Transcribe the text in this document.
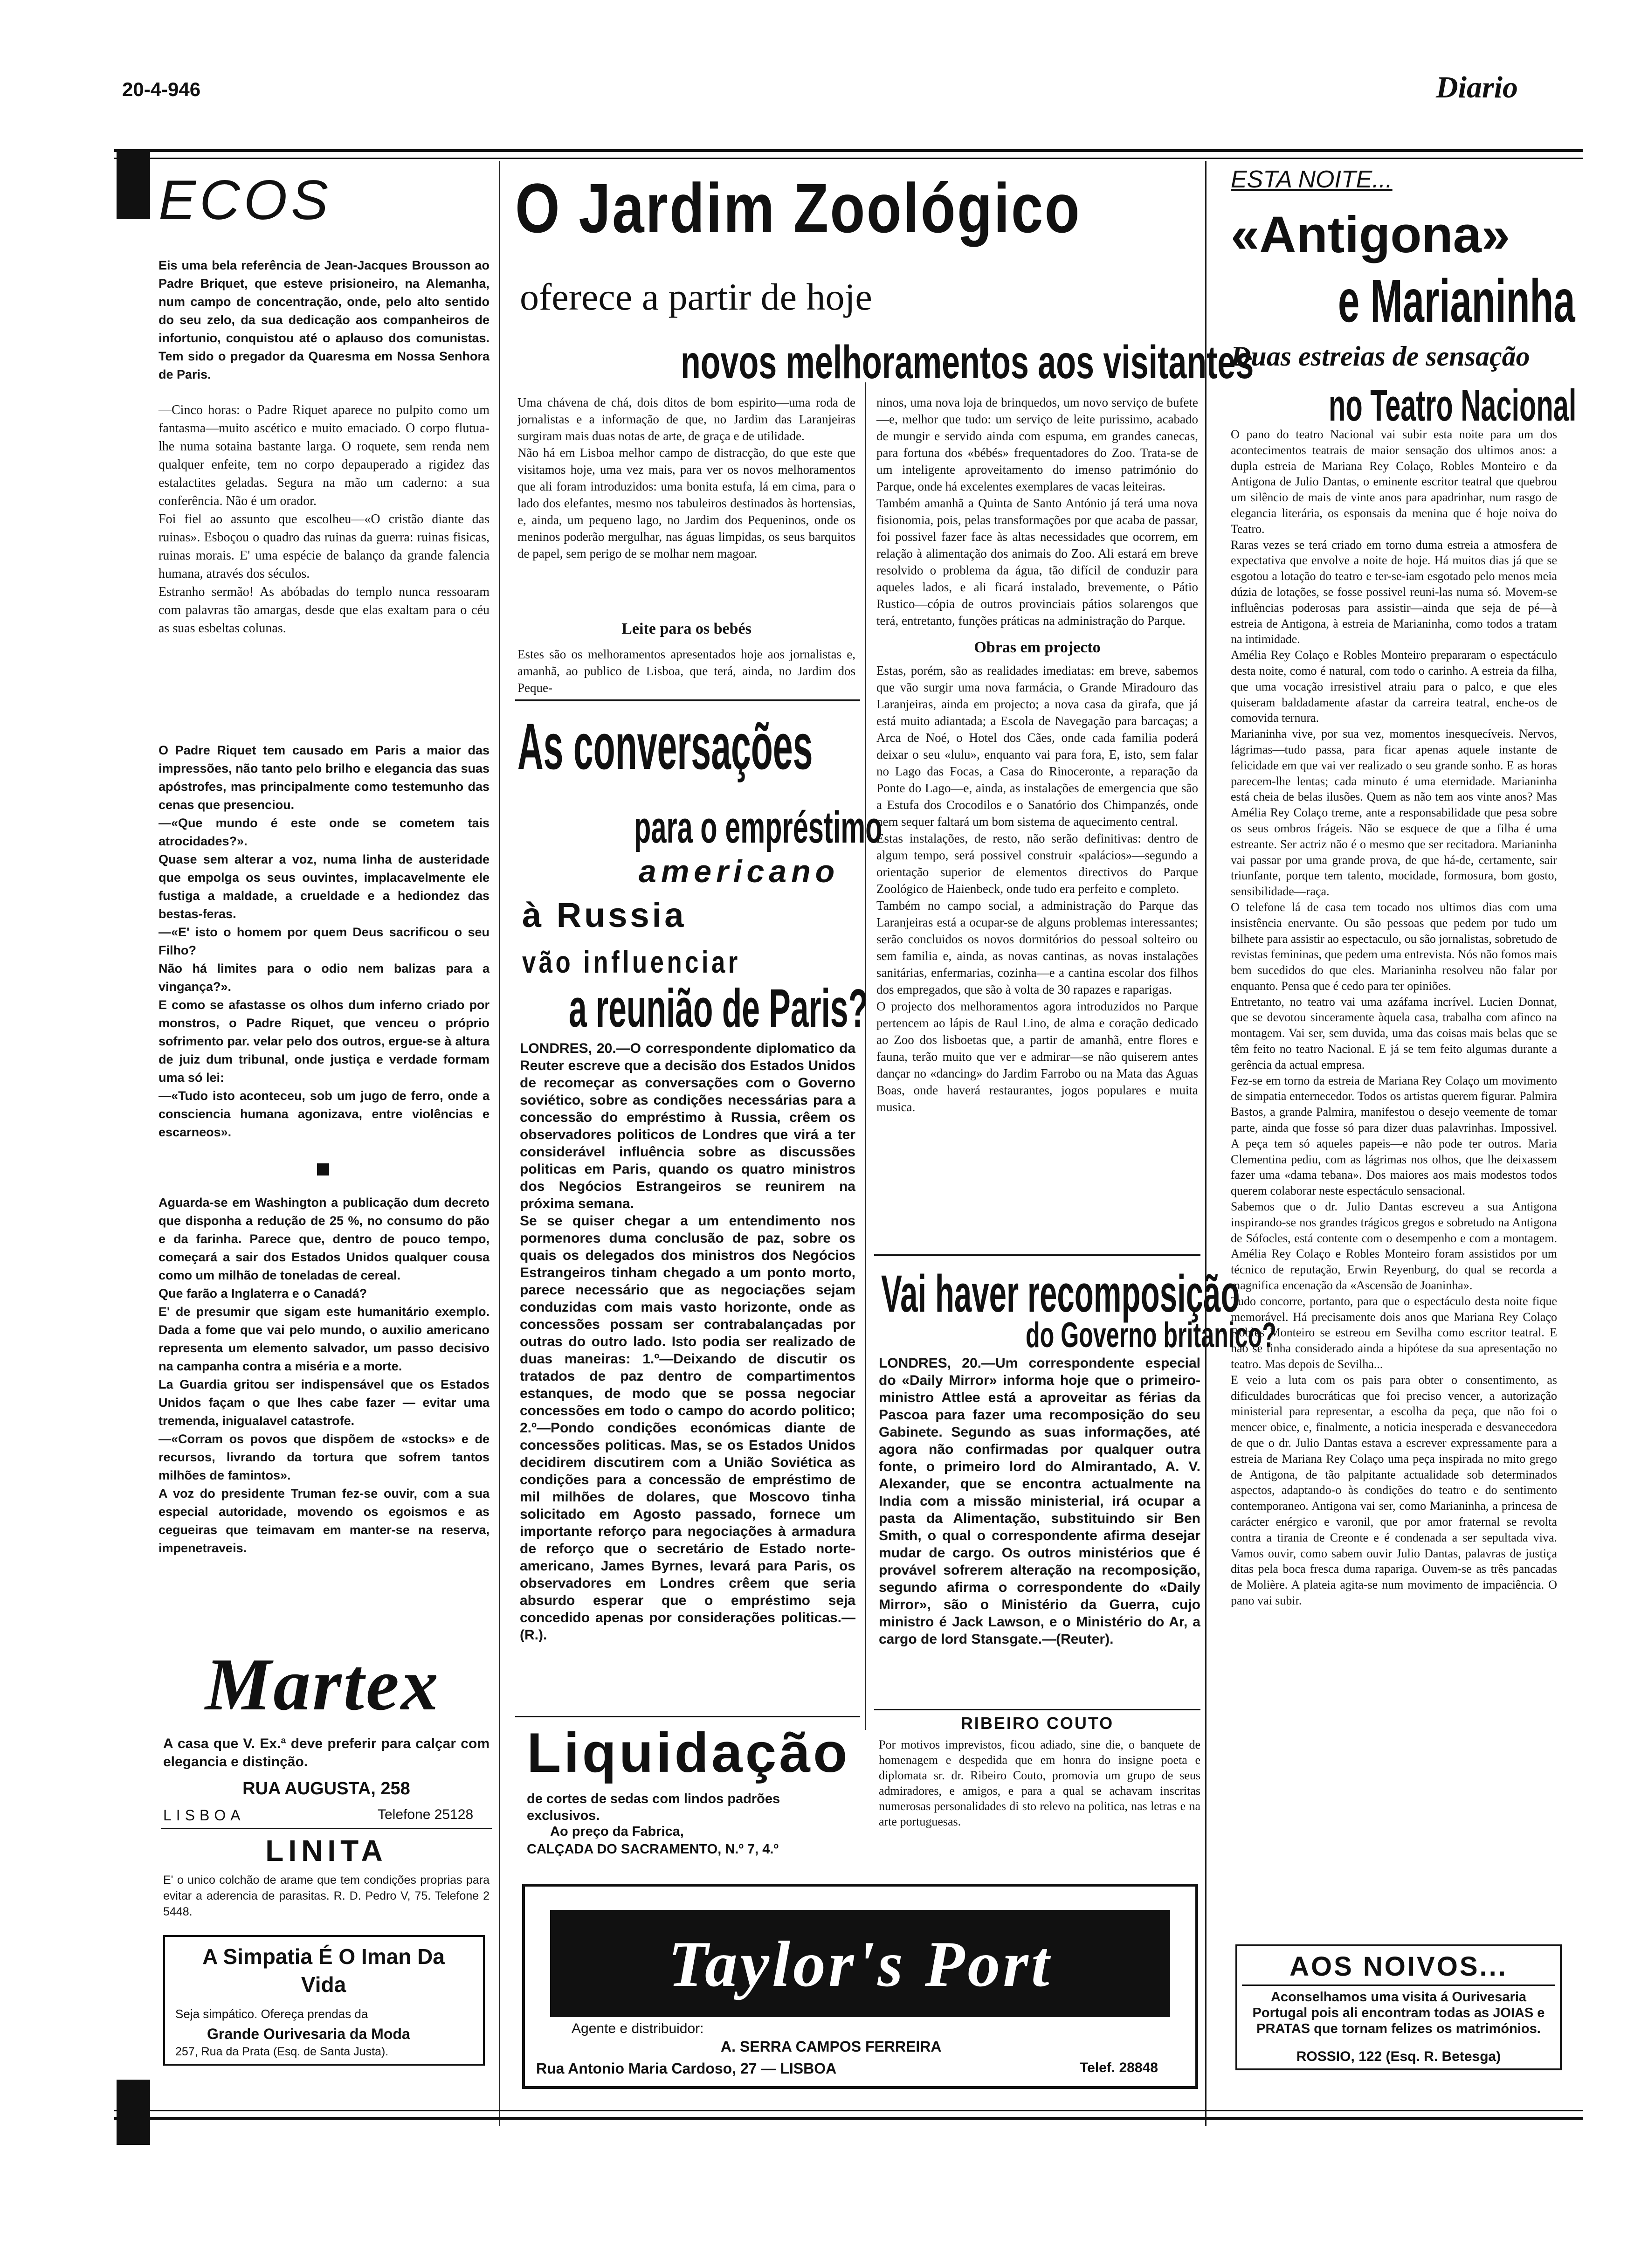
20-4-946	Diario
ECOS

Eis uma bela referência de Jean-Jacques Brousson ao Padre Briquet, que esteve prisioneiro, na Alemanha, num campo de concentração, onde, pelo alto sentido do seu zelo, da sua dedicação aos companheiros de infortunio, conquistou até o aplauso dos comunistas. Tem sido o pregador da Quaresma em Nossa Senhora de Paris.

—Cinco horas: o Padre Riquet aparece no pulpito como um fantasma—muito ascético e muito emaciado. O corpo flutua-lhe numa sotaina bastante larga. O roquete, sem renda nem qualquer enfeite, tem no corpo depauperado a rigidez das estalactites geladas. Segura na mão um caderno: a sua conferência. Não é um orador.
Foi fiel ao assunto que escolheu—«O cristão diante das ruinas». Esboçou o quadro das ruinas da guerra: ruinas fisicas, ruinas morais. E' uma espécie de balanço da grande falencia humana, através dos séculos.
Estranho sermão! As abóbadas do templo nunca ressoaram com palavras tão amargas, desde que elas exaltam para o céu as suas esbeltas colunas.

O Padre Riquet tem causado em Paris a maior das impressões, não tanto pelo brilho e elegancia das suas apóstrofes, mas principalmente como testemunho das cenas que presenciou.
—«Que mundo é este onde se cometem tais atrocidades?».
Quase sem alterar a voz, numa linha de austeridade que empolga os seus ouvintes, implacavelmente ele fustiga a maldade, a crueldade e a hediondez das bestas-feras.
—«E' isto o homem por quem Deus sacrificou o seu Filho?
Não há limites para o odio nem balizas para a vingança?».
E como se afastasse os olhos dum inferno criado por monstros, o Padre Riquet, que venceu o próprio sofrimento par. velar pelo dos outros, ergue-se à altura de juiz dum tribunal, onde justiça e verdade formam uma só lei:
—«Tudo isto aconteceu, sob um jugo de ferro, onde a consciencia humana agonizava, entre violências e escarneos».

Aguarda-se em Washington a publicação dum decreto que disponha a redução de 25 %, no consumo do pão e da farinha. Parece que, dentro de pouco tempo, começará a sair dos Estados Unidos qualquer cousa como um milhão de toneladas de cereal.
Que farão a Inglaterra e o Canadá?
E' de presumir que sigam este humanitário exemplo. Dada a fome que vai pelo mundo, o auxilio americano representa um elemento salvador, um passo decisivo na campanha contra a miséria e a morte.
La Guardia gritou ser indispensável que os Estados Unidos façam o que lhes cabe fazer — evitar uma tremenda, iniguaIavel catastrofe.
—«Corram os povos que dispõem de «stocks» e de recursos, livrando da tortura que sofrem tantos milhões de famintos».
A voz do presidente Truman fez-se ouvir, com a sua especial autoridade, movendo os egoismos e as cegueiras que teimavam em manter-se na reserva, impenetraveis.

Martex

A casa que V. Ex.ª deve preferir para calçar com elegancia e distinção.

RUA AUGUSTA, 258
LISBOA	Telefone 25128
LINITA

E' o unico colchão de arame que tem condições proprias para evitar a aderencia de parasitas. R. D. Pedro V, 75. Telefone 2 5448.

A Simpatia É O Iman Da Vida
Seja simpático. Ofereça prendas da
Grande Ourivesaria da Moda
257, Rua da Prata (Esq. de Santa Justa).
O Jardim Zoológico
oferece a partir de hoje
novos melhoramentos aos visitantes

Uma chávena de chá, dois ditos de bom espirito—uma roda de jornalistas e a informação de que, no Jardim das Laranjeiras surgiram mais duas notas de arte, de graça e de utilidade.
Não há em Lisboa melhor campo de distracção, do que este que visitamos hoje, uma vez mais, para ver os novos melhoramentos que ali foram introduzidos: uma bonita estufa, lá em cima, para o lado dos elefantes, mesmo nos tabuleiros destinados às hortensias, e, ainda, um pequeno lago, no Jardim dos Pequeninos, onde os meninos poderão mergulhar, nas águas limpidas, os seus barquitos de papel, sem perigo de se molhar nem magoar.

Leite para os bebés

Estes são os melhoramentos apresentados hoje aos jornalistas e, amanhã, ao publico de Lisboa, que terá, ainda, no Jardim dos Peque-

ninos, uma nova loja de brinquedos, um novo serviço de bufete—e, melhor que tudo: um serviço de leite purissimo, acabado de mungir e servido ainda com espuma, em grandes canecas, para fortuna dos «bébés» frequentadores do Zoo. Trata-se de um inteligente aproveitamento do imenso património do Parque, onde há excelentes exemplares de vacas leiteiras.
Também amanhã a Quinta de Santo António já terá uma nova fisionomia, pois, pelas transformações por que acaba de passar, foi possivel fazer face às altas necessidades que ocorrem, em relação à alimentação dos animais do Zoo. Ali estará em breve resolvido o problema da água, tão difícil de conduzir para aqueles lados, e ali ficará instalado, brevemente, o Pátio Rustico—cópia de outros provinciais pátios solarengos que terá, entretanto, funções práticas na administração do Parque.

Obras em projecto

Estas, porém, são as realidades imediatas: em breve, sabemos que vão surgir uma nova farmácia, o Grande Miradouro das Laranjeiras, ainda em projecto; a nova casa da girafa, que já está muito adiantada; a Escola de Navegação para barcaças; a Arca de Noé, o Hotel dos Cães, onde cada familia poderá deixar o seu «lulu», enquanto vai para fora, E, isto, sem falar no Lago das Focas, a Casa do Rinoceronte, a reparação da Ponte do Lago—e, ainda, as instalações de emergencia que são a Estufa dos Crocodilos e o Sanatório dos Chimpanzés, onde nem sequer faltará um bom sistema de aquecimento central.
Estas instalações, de resto, não serão definitivas: dentro de algum tempo, será possivel construir «palácios»—segundo a orientação superior de elementos directivos do Parque Zoológico de Haienbeck, onde tudo era perfeito e completo.
Também no campo social, a administração do Parque das Laranjeiras está a ocupar-se de alguns problemas interessantes; serão concluidos os novos dormitórios do pessoal solteiro ou sem familia e, ainda, as novas cantinas, as novas instalações sanitárias, enfermarias, cozinha—e a cantina escolar dos filhos dos empregados, que são à volta de 30 rapazes e raparigas.
O projecto dos melhoramentos agora introduzidos no Parque pertencem ao lápis de Raul Lino, de alma e coração dedicado ao Zoo dos lisboetas que, a partir de amanhã, entre flores e fauna, terão muito que ver e admirar—se não quiserem antes dançar no «dancing» do Jardim Farrobo ou na Mata das Aguas Boas, onde haverá restaurantes, jogos populares e muita musica.

As conversações
para o empréstimo
americano
à Russia
vão influenciar
a reunião de Paris?

LONDRES, 20.—O correspondente diplomatico da Reuter escreve que a decisão dos Estados Unidos de recomeçar as conversações com o Governo soviético, sobre as condições necessárias para a concessão do empréstimo à Russia, crêem os observadores politicos de Londres que virá a ter considerável influência sobre as discussões politicas em Paris, quando os quatro ministros dos Negócios Estrangeiros se reunirem na próxima semana.
Se se quiser chegar a um entendimento nos pormenores duma conclusão de paz, sobre os quais os delegados dos ministros dos Negócios Estrangeiros tinham chegado a um ponto morto, parece necessário que as negociações sejam conduzidas com mais vasto horizonte, onde as concessões possam ser contrabalançadas por outras do outro lado. Isto podia ser realizado de duas maneiras: 1.º—Deixando de discutir os tratados de paz dentro de compartimentos estanques, de modo que se possa negociar concessões em todo o campo do acordo politico; 2.º—Pondo condições económicas diante de concessões politicas. Mas, se os Estados Unidos decidirem discutirem com a União Soviética as condições para a concessão de empréstimo de mil milhões de dolares, que Moscovo tinha solicitado em Agosto passado, fornece um importante reforço para negociações à armadura de reforço que o secretário de Estado norte-americano, James Byrnes, levará para Paris, os observadores em Londres crêem que seria absurdo esperar que o empréstimo seja concedido apenas por considerações politicas.—(R.).

Liquidação

de cortes de sedas com lindos padrões exclusivos.

Ao preço da Fabrica,
CALÇADA DO SACRAMENTO, N.º 7, 4.º
Vai haver recomposição
do Governo britanico?

LONDRES, 20.—Um correspondente especial do «Daily Mirror» informa hoje que o primeiro-ministro Attlee está a aproveitar as férias da Pascoa para fazer uma recomposição do seu Gabinete. Segundo as suas informações, até agora não confirmadas por qualquer outra fonte, o primeiro lord do Almirantado, A. V. Alexander, que se encontra actualmente na India com a missão ministerial, irá ocupar a pasta da Alimentação, substituindo sir Ben Smith, o qual o correspondente afirma desejar mudar de cargo. Os outros ministérios que é provável sofrerem alteração na recomposição, segundo afirma o correspondente do «Daily Mirror», são o Ministério da Guerra, cujo ministro é Jack Lawson, e o Ministério do Ar, a cargo de lord Stansgate.—(Reuter).

RIBEIRO COUTO

Por motivos imprevistos, ficou adiado, sine die, o banquete de homenagem e despedida que em honra do insigne poeta e diplomata sr. dr. Ribeiro Couto, promovia um grupo de seus admiradores, e amigos, e para a qual se achavam inscritas numerosas personalidades di sto relevo na politica, nas letras e na arte portuguesas.

Taylor's Port
Agente e distribuidor:
A. SERRA CAMPOS FERREIRA
Rua Antonio Maria Cardoso, 27 — LISBOA	Telef. 28848
ESTA NOITE...
«Antigona»
e Marianinha
Duas estreias de sensação
no Teatro Nacional

O pano do teatro Nacional vai subir esta noite para um dos acontecimentos teatrais de maior sensação dos ultimos anos: a dupla estreia de Mariana Rey Colaço, Robles Monteiro e da Antigona de Julio Dantas, o eminente escritor teatral que quebrou um silêncio de mais de vinte anos para apadrinhar, num rasgo de elegancia literária, os esponsais da menina que é hoje noiva do Teatro.
Raras vezes se terá criado em torno duma estreia a atmosfera de expectativa que envolve a noite de hoje. Há muitos dias já que se esgotou a lotação do teatro e ter-se-iam esgotado pelo menos meia dúzia de lotações, se fosse possivel reuni-las numa só. Movem-se influências poderosas para assistir—ainda que seja de pé—à estreia de Antigona, à estreia de Marianinha, como todos a tratam na intimidade.
Amélia Rey Colaço e Robles Monteiro prepararam o espectáculo desta noite, como é natural, com todo o carinho. A estreia da filha, que uma vocação irresistivel atraiu para o palco, e que eles quiseram baldadamente afastar da carreira teatral, enche-os de comovida ternura.
Marianinha vive, por sua vez, momentos inesquecíveis. Nervos, lágrimas—tudo passa, para ficar apenas aquele instante de felicidade em que vai ver realizado o seu grande sonho. E as horas parecem-lhe lentas; cada minuto é uma eternidade. Marianinha está cheia de belas ilusões. Quem as não tem aos vinte anos? Mas Amélia Rey Colaço treme, ante a responsabilidade que pesa sobre os seus ombros frágeis. Não se esquece de que a filha é uma estreante. Ser actriz não é o mesmo que ser recitadora. Marianinha vai passar por uma grande prova, de que há-de, certamente, sair triunfante, porque tem talento, mocidade, formosura, bom gosto, sensibilidade—raça.
O telefone lá de casa tem tocado nos ultimos dias com uma insistência enervante. Ou são pessoas que pedem por tudo um bilhete para assistir ao espectaculo, ou são jornalistas, sobretudo de revistas femininas, que pedem uma entrevista. Nós não fomos mais bem sucedidos do que eles. Marianinha resolveu não falar por enquanto. Pensa que é cedo para ter opiniões.
Entretanto, no teatro vai uma azáfama incrível. Lucien Donnat, que se devotou sinceramente àquela casa, trabalha com afinco na montagem. Vai ser, sem duvida, uma das coisas mais belas que se têm feito no teatro Nacional. E já se tem feito algumas durante a gerência da actual empresa.
Fez-se em torno da estreia de Mariana Rey Colaço um movimento de simpatia enternecedor. Todos os artistas querem figurar. Palmira Bastos, a grande Palmira, manifestou o desejo veemente de tomar parte, ainda que fosse só para dizer duas palavrinhas. Impossivel. A peça tem só aqueles papeis—e não pode ter outros. Maria Clementina pediu, com as lágrimas nos olhos, que lhe deixassem fazer uma «dama tebana». Dos maiores aos mais modestos todos querem colaborar neste espectáculo sensacional.
Sabemos que o dr. Julio Dantas escreveu a sua Antigona inspirando-se nos grandes trágicos gregos e sobretudo na Antigona de Sófocles, está contente com o desempenho e com a montagem. Amélia Rey Colaço e Robles Monteiro foram assistidos por um técnico de reputação, Erwin Reyenburg, do qual se recorda a magnifica encenação da «Ascensão de Joaninha».
Tudo concorre, portanto, para que o espectáculo desta noite fique memorável. Há precisamente dois anos que Mariana Rey Colaço Robles Monteiro se estreou em Sevilha como escritor teatral. E não se tinha considerado ainda a hipótese da sua apresentação no teatro. Mas depois de Sevilha...
E veio a luta com os pais para obter o consentimento, as dificuldades burocráticas que foi preciso vencer, a autorização ministerial para representar, a escolha da peça, que não foi o mencer obice, e, finalmente, a noticia inesperada e desvanecedora de que o dr. Julio Dantas estava a escrever expressamente para a estreia de Mariana Rey Colaço uma peça inspirada no mito grego de Antigona, de tão palpitante actualidade sob determinados aspectos, adaptando-o às condições do teatro e do sentimento contemporaneo. Antigona vai ser, como Marianinha, a princesa de carácter enérgico e varonil, que por amor fraternal se revolta contra a tirania de Creonte e é condenada a ser sepultada viva. Vamos ouvir, como sabem ouvir Julio Dantas, palavras de justiça ditas pela boca fresca duma rapariga. Ouvem-se as três pancadas de Molière. A plateia agita-se num movimento de impaciência. O pano vai subir.

AOS NOIVOS...

Aconselhamos uma visita á Ourivesaria Portugal pois ali encontram todas as JOIAS e PRATAS que tornam felizes os matrimónios.

ROSSIO, 122 (Esq. R. Betesga)
